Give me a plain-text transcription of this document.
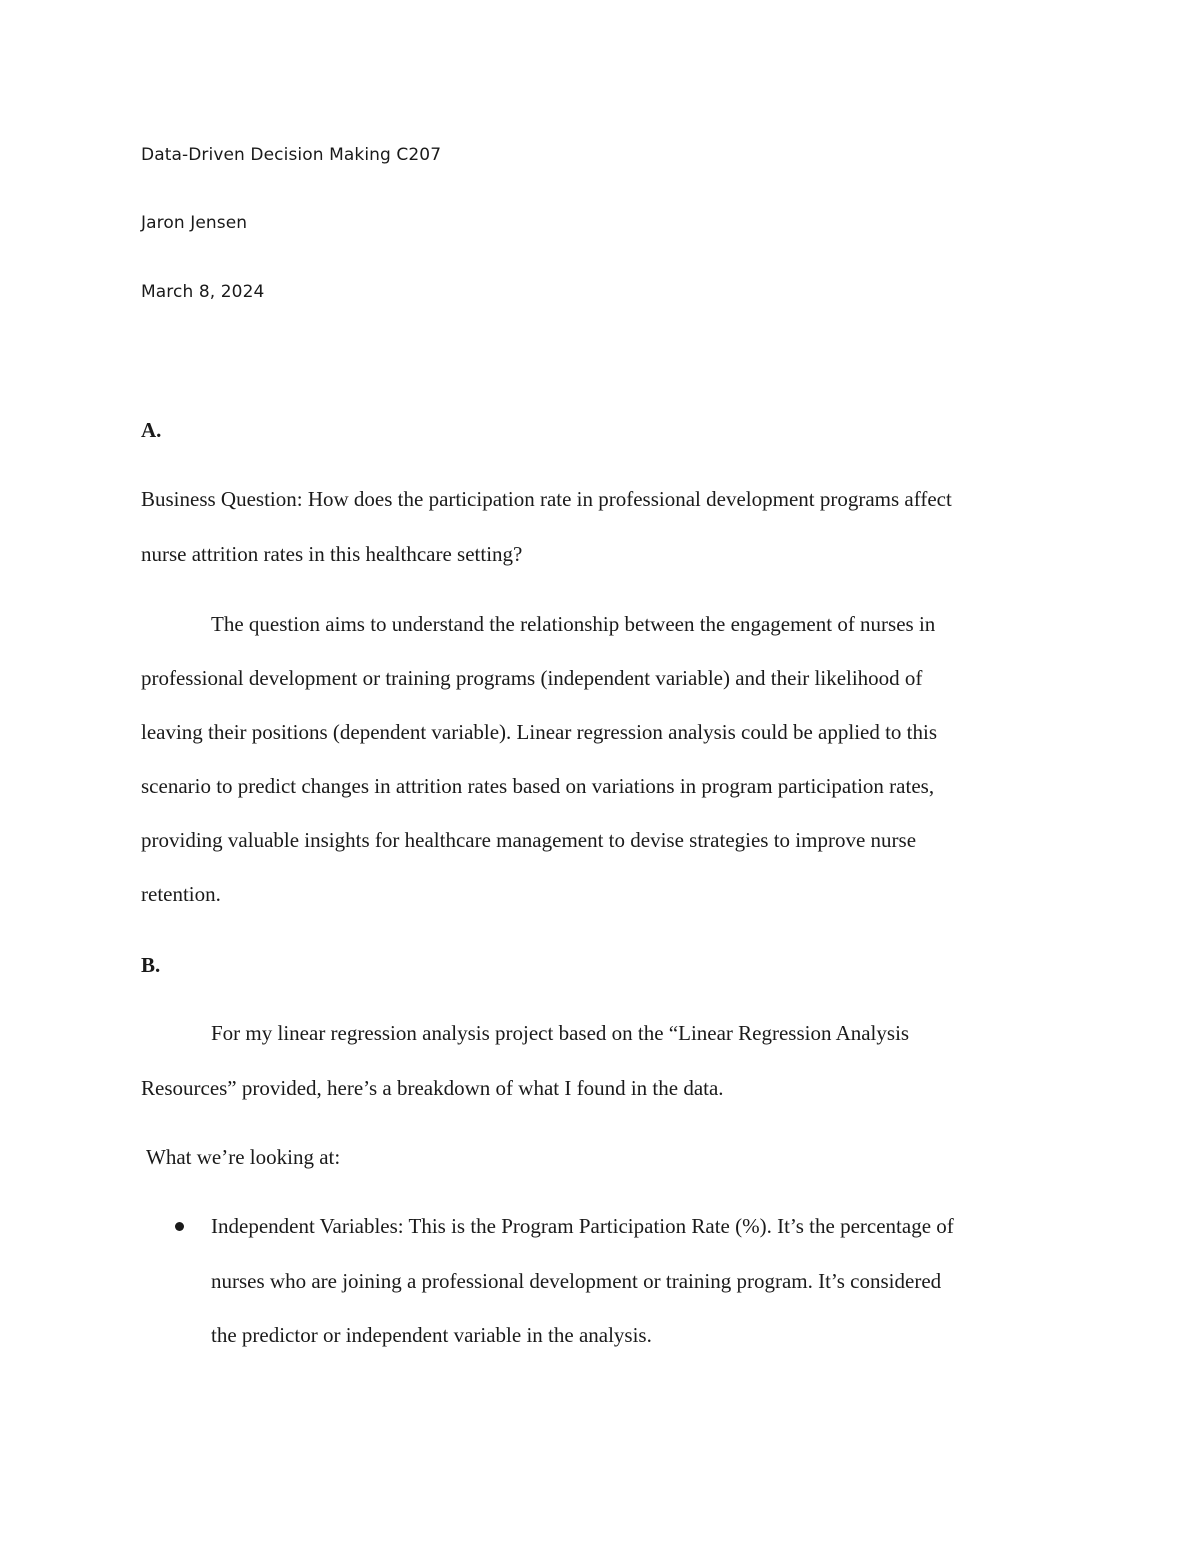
Data-Driven Decision Making C207
Jaron Jensen
March 8, 2024
A.
Business Question: How does the participation rate in professional development programs affect
nurse attrition rates in this healthcare setting?
The question aims to understand the relationship between the engagement of nurses in
professional development or training programs (independent variable) and their likelihood of
leaving their positions (dependent variable). Linear regression analysis could be applied to this
scenario to predict changes in attrition rates based on variations in program participation rates,
providing valuable insights for healthcare management to devise strategies to improve nurse
retention.
B.
For my linear regression analysis project based on the “Linear Regression Analysis
Resources” provided, here’s a breakdown of what I found in the data.
What we’re looking at:
Independent Variables: This is the Program Participation Rate (%). It’s the percentage of
nurses who are joining a professional development or training program. It’s considered
the predictor or independent variable in the analysis.
